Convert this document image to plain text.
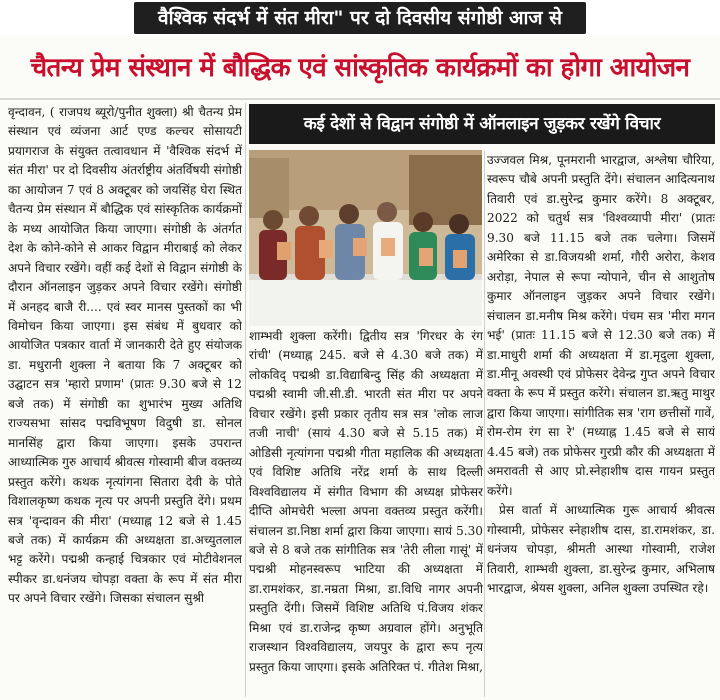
वैश्विक संदर्भ में संत मीरा" पर दो दिवसीय संगोष्ठी आज से
चैतन्य प्रेम संस्थान में बौद्धिक एवं सांस्कृतिक कार्यक्रमों का होगा आयोजन

वृन्दावन, ( राजपथ ब्यूरो/पुनीत शुक्ला) श्री चैतन्य प्रेम संस्थान एवं व्यंजना आर्ट एण्ड कल्चर सोसायटी प्रयागराज के संयुक्त तत्वावधान में 'वैश्विक संदर्भ में संत मीरा' पर दो दिवसीय अंतर्राष्ट्रीय अंतर्विषयी संगोष्ठी का आयोजन 7 एवं 8 अक्टूबर को जयसिंह घेरा स्थित चैतन्य प्रेम संस्थान में बौद्धिक एवं सांस्कृतिक कार्यक्रमों के मध्य आयोजित किया जाएगा। संगोष्ठी के अंतर्गत देश के कोने-कोने से आकर विद्वान मीराबाई को लेकर अपने विचार रखेंगे। वहीं कई देशों से विद्वान संगोष्ठी के दौरान ऑनलाइन जुड़कर अपने विचार रखेंगे। संगोष्ठी में अनहद बाजै री.... एवं स्वर मानस पुस्तकों का भी विमोचन किया जाएगा। इस संबंध में बुधवार को आयोजित पत्रकार वार्ता में जानकारी देते हुए संयोजक डा. मधुरानी शुक्ला ने बताया कि 7 अक्टूबर को उद्घाटन सत्र 'म्हारो प्रणाम' (प्रातः 9.30 बजे से 12 बजे तक) में संगोष्ठी का शुभारंभ मुख्य अतिथि राज्यसभा सांसद पद्मविभूषण विदुषी डा. सोनल मानसिंह द्वारा किया जाएगा। इसके उपरान्त आध्यात्मिक गुरु आचार्य श्रीवत्स गोस्वामी बीज वक्तव्य प्रस्तुत करेंगे। कथक नृत्यांगना सितारा देवी के पोते विशालकृष्ण कथक नृत्य पर अपनी प्रस्तुति देंगे। प्रथम सत्र 'वृन्दावन की मीरा' (मध्याह्न 12 बजे से 1.45 बजे तक) में कार्यक्रम की अध्यक्षता डा.अच्युतलाल भट्ट करेंगे। पद्मश्री कन्हाई चित्रकार एवं मोटीवेशनल स्पीकर डा.धनंजय चोपड़ा वक्ता के रूप में संत मीरा पर अपने विचार रखेंगे। जिसका संचालन सुश्री

कई देशों से विद्वान संगोष्ठी में ऑनलाइन जुड़कर रखेंगे विचार

शाम्भवी शुक्ला करेंगी। द्वितीय सत्र 'गिरधर के रंग रांची' (मध्याह्न 245. बजे से 4.30 बजे तक) में लोकविद् पद्मश्री डा.विद्याबिन्दु सिंह की अध्यक्षता में पद्मश्री स्वामी जी.सी.डी. भारती संत मीरा पर अपने विचार रखेंगे। इसी प्रकार तृतीय सत्र सत्र 'लोक लाज तजी नाची' (सायं 4.30 बजे से 5.15 तक) में ओडिसी नृत्यांगना पद्मश्री गीता महालिक की अध्यक्षता एवं विशिष्ट अतिथि नरेंद्र शर्मा के साथ दिल्ली विश्वविद्यालय में संगीत विभाग की अध्यक्ष प्रोफेसर दीप्ति ओमचेरी भल्ला अपना वक्तव्य प्रस्तुत करेंगी। संचालन डा.निष्ठा शर्मा द्वारा किया जाएगा। सायं 5.30 बजे से 8 बजे तक सांगीतिक सत्र 'तेरी लीला गासूं' में पद्मश्री मोहनस्वरूप भाटिया की अध्यक्षता में डा.रामशंकर, डा.नम्रता मिश्रा, डा.विधि नागर अपनी प्रस्तुति देंगी। जिसमें विशिष्ट अतिथि पं.विजय शंकर मिश्रा एवं डा.राजेन्द्र कृष्ण अग्रवाल होंगे। अनुभूति राजस्थान विश्वविद्यालय, जयपुर के द्वारा रूप नृत्य प्रस्तुत किया जाएगा। इसके अतिरिक्त पं. गीतेश मिश्रा,

उज्जवल मिश्र, पूनमरानी भारद्वाज, अश्लेषा चौरिया, स्वरूप चौबे अपनी प्रस्तुति देंगे। संचालन आदित्यनाथ तिवारी एवं डा.सुरेन्द्र कुमार करेंगे। 8 अक्टूबर, 2022 को चतुर्थ सत्र 'विश्वव्यापी मीरा' (प्रातः 9.30 बजे 11.15 बजे तक चलेगा। जिसमें अमेरिका से डा.विजयश्री शर्मा, गौरी अरोरा, केशव अरोड़ा, नेपाल से रूपा न्योपाने, चीन से आशुतोष कुमार ऑनलाइन जुड़कर अपने विचार रखेंगे। संचालन डा.मनीष मिश्र करेंगे। पंचम सत्र 'मीरा मगन भई' (प्रातः 11.15 बजे से 12.30 बजे तक) में डा.माधुरी शर्मा की अध्यक्षता में डा.मृदुला शुक्ला, डा.मीनू अवस्थी एवं प्रोफेसर देवेन्द्र गुप्त अपने विचार वक्ता के रूप में प्रस्तुत करेंगे। संचालन डा.ऋतु माथुर द्वारा किया जाएगा। सांगीतिक सत्र 'राग छत्तीसों गावें, रोम-रोम रंग सा रे' (मध्याह्न 1.45 बजे से सायं 4.45 बजे) तक प्रोफेसर गुरप्री कौर की अध्यक्षता में अमरावती से आए प्रो.स्नेहाशीष दास गायन प्रस्तुत करेंगे।

प्रेस वार्ता में आध्यात्मिक गुरू आचार्य श्रीवत्स गोस्वामी, प्रोफेसर स्नेहाशीष दास, डा.रामशंकर, डा. धनंजय चोपड़ा, श्रीमती आस्था गोस्वामी, राजेश तिवारी, शाम्भवी शुक्ला, डा.सुरेन्द्र कुमार, अभिलाष भारद्वाज, श्रेयस शुक्ला, अनिल शुक्ला उपस्थित रहे।
